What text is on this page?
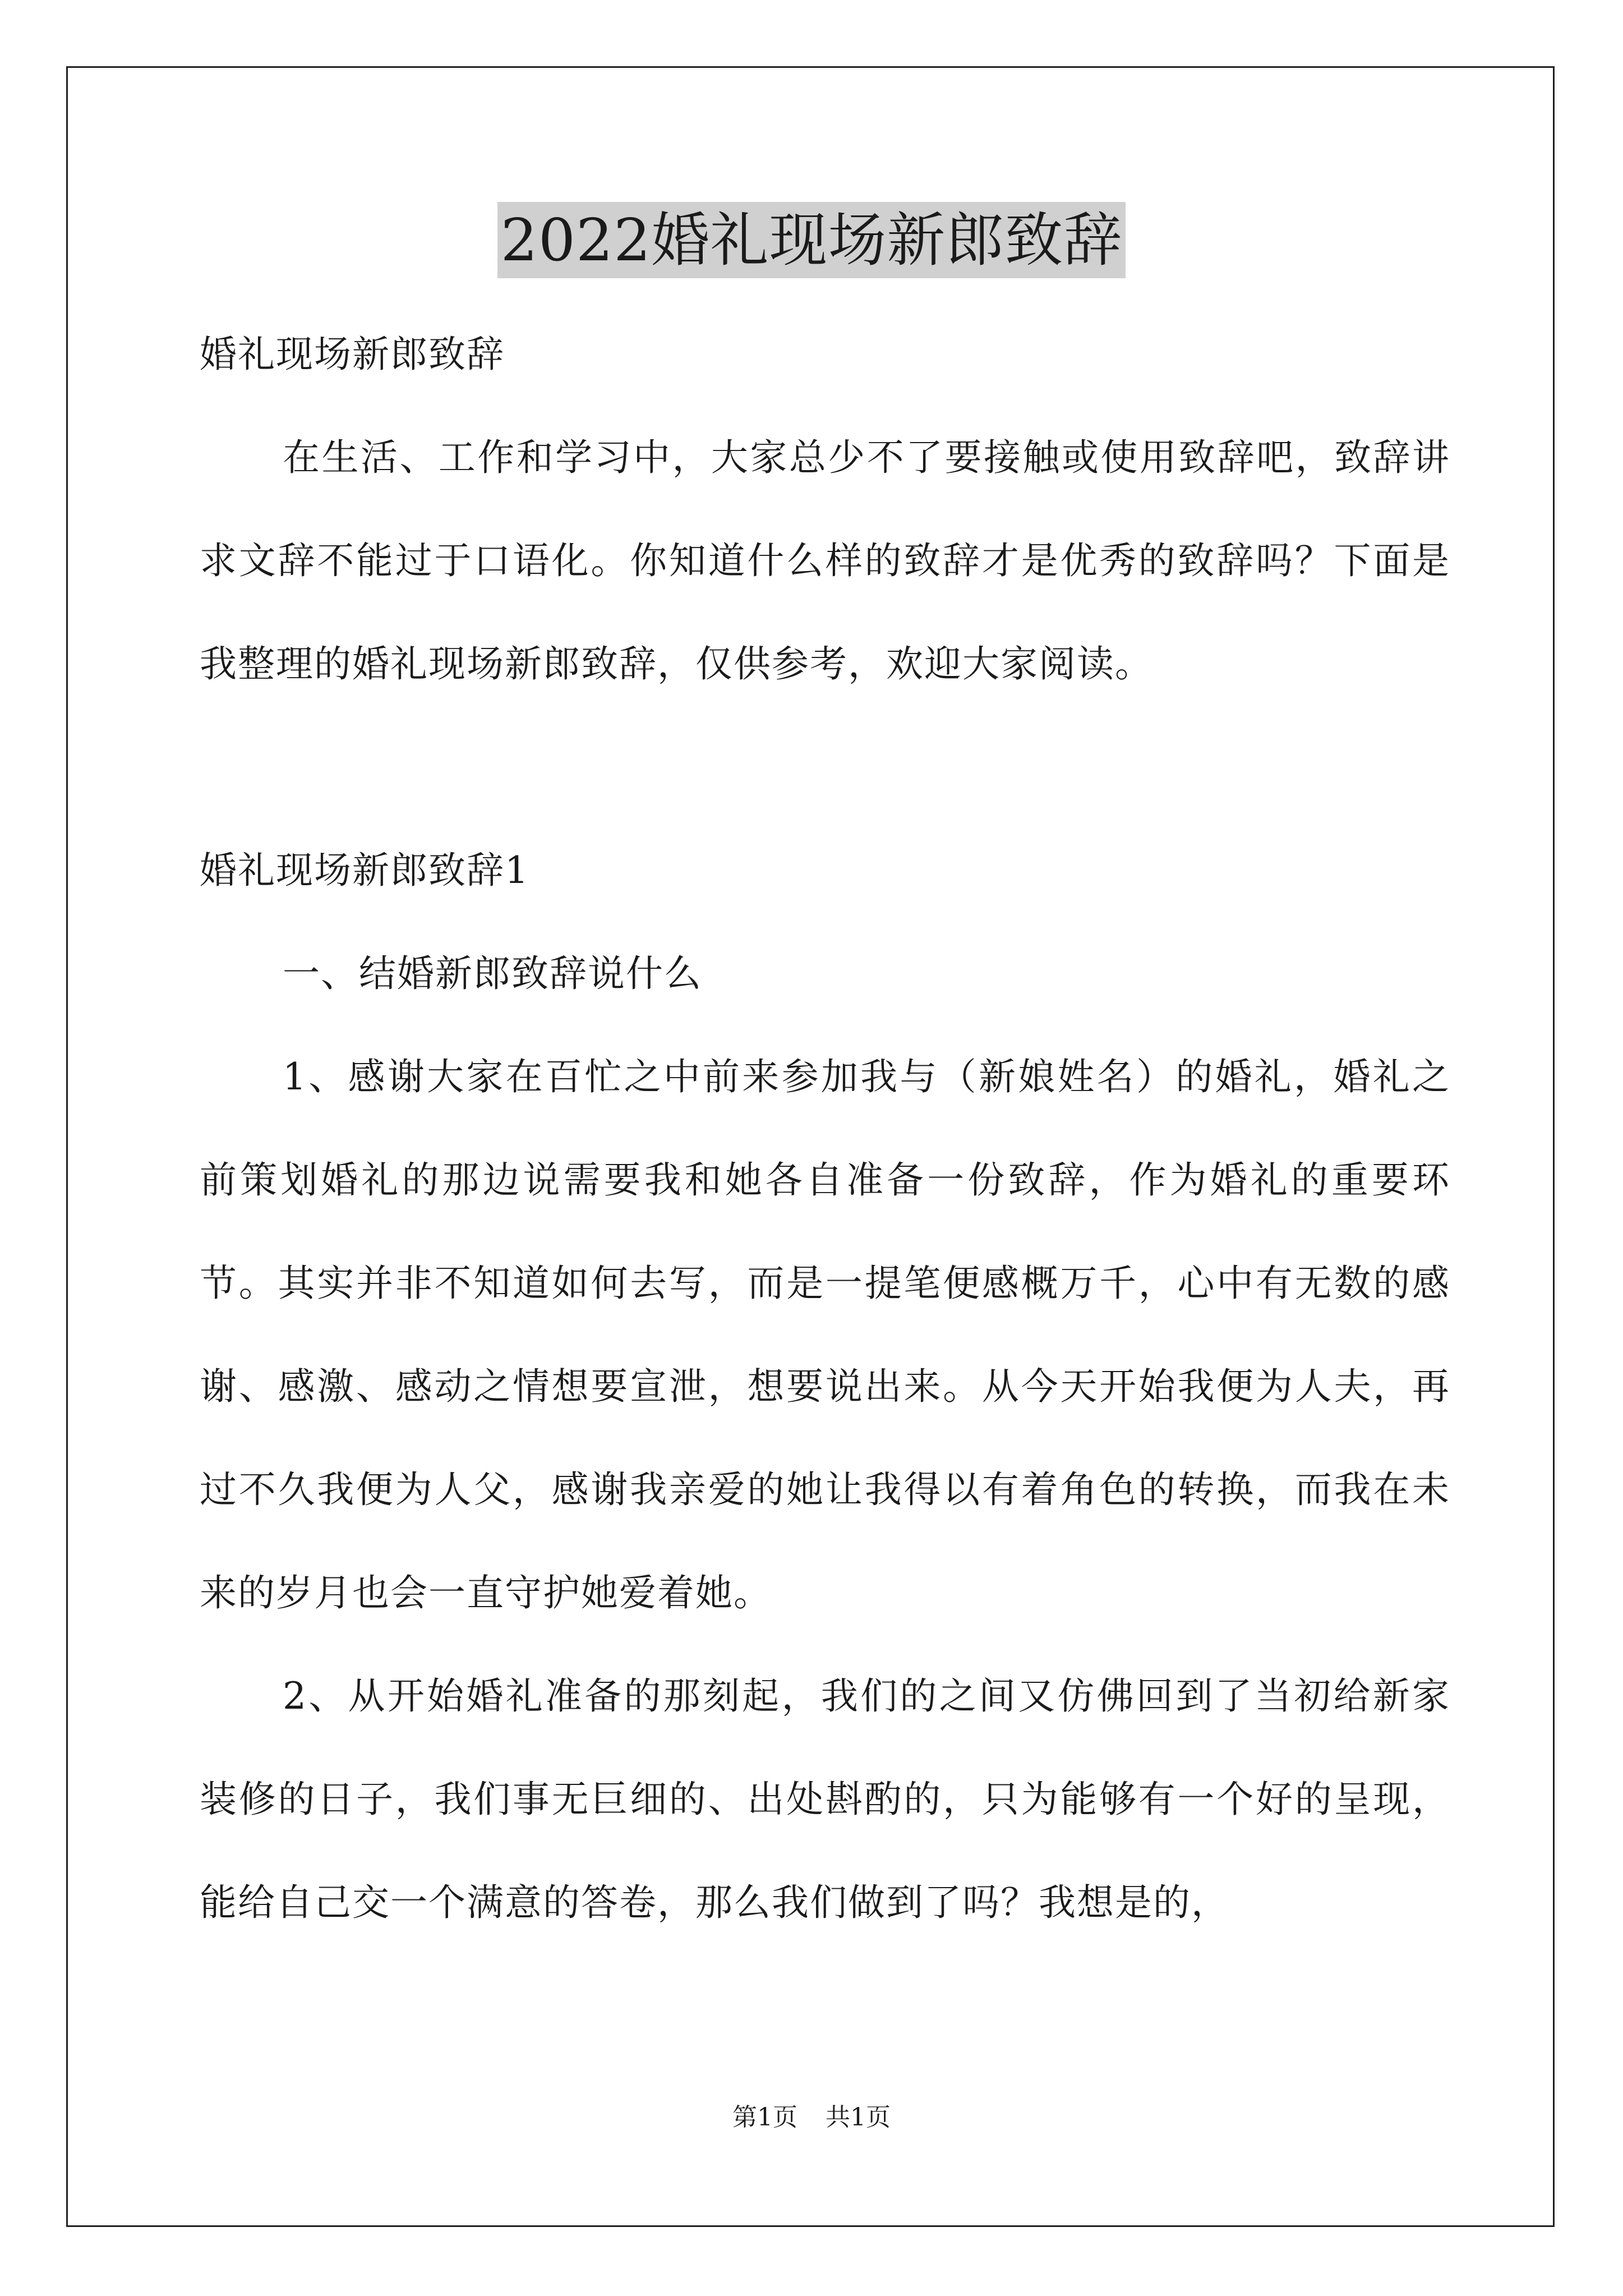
2022婚礼现场新郎致辞

婚礼现场新郎致辞

在生活、工作和学习中，大家总少不了要接触或使用致辞吧，致辞讲求文辞不能过于口语化。你知道什么样的致辞才是优秀的致辞吗？下面是我整理的婚礼现场新郎致辞，仅供参考，欢迎大家阅读。

婚礼现场新郎致辞1

一、结婚新郎致辞说什么

1、感谢大家在百忙之中前来参加我与（新娘姓名）的婚礼，婚礼之前策划婚礼的那边说需要我和她各自准备一份致辞，作为婚礼的重要环节。其实并非不知道如何去写，而是一提笔便感概万千，心中有无数的感谢、感激、感动之情想要宣泄，想要说出来。从今天开始我便为人夫，再过不久我便为人父，感谢我亲爱的她让我得以有着角色的转换，而我在未来的岁月也会一直守护她爱着她。

2、从开始婚礼准备的那刻起，我们的之间又仿佛回到了当初给新家装修的日子，我们事无巨细的、出处斟酌的，只为能够有一个好的呈现，能给自己交一个满意的答卷，那么我们做到了吗？我想是的，

第1页 共1页
